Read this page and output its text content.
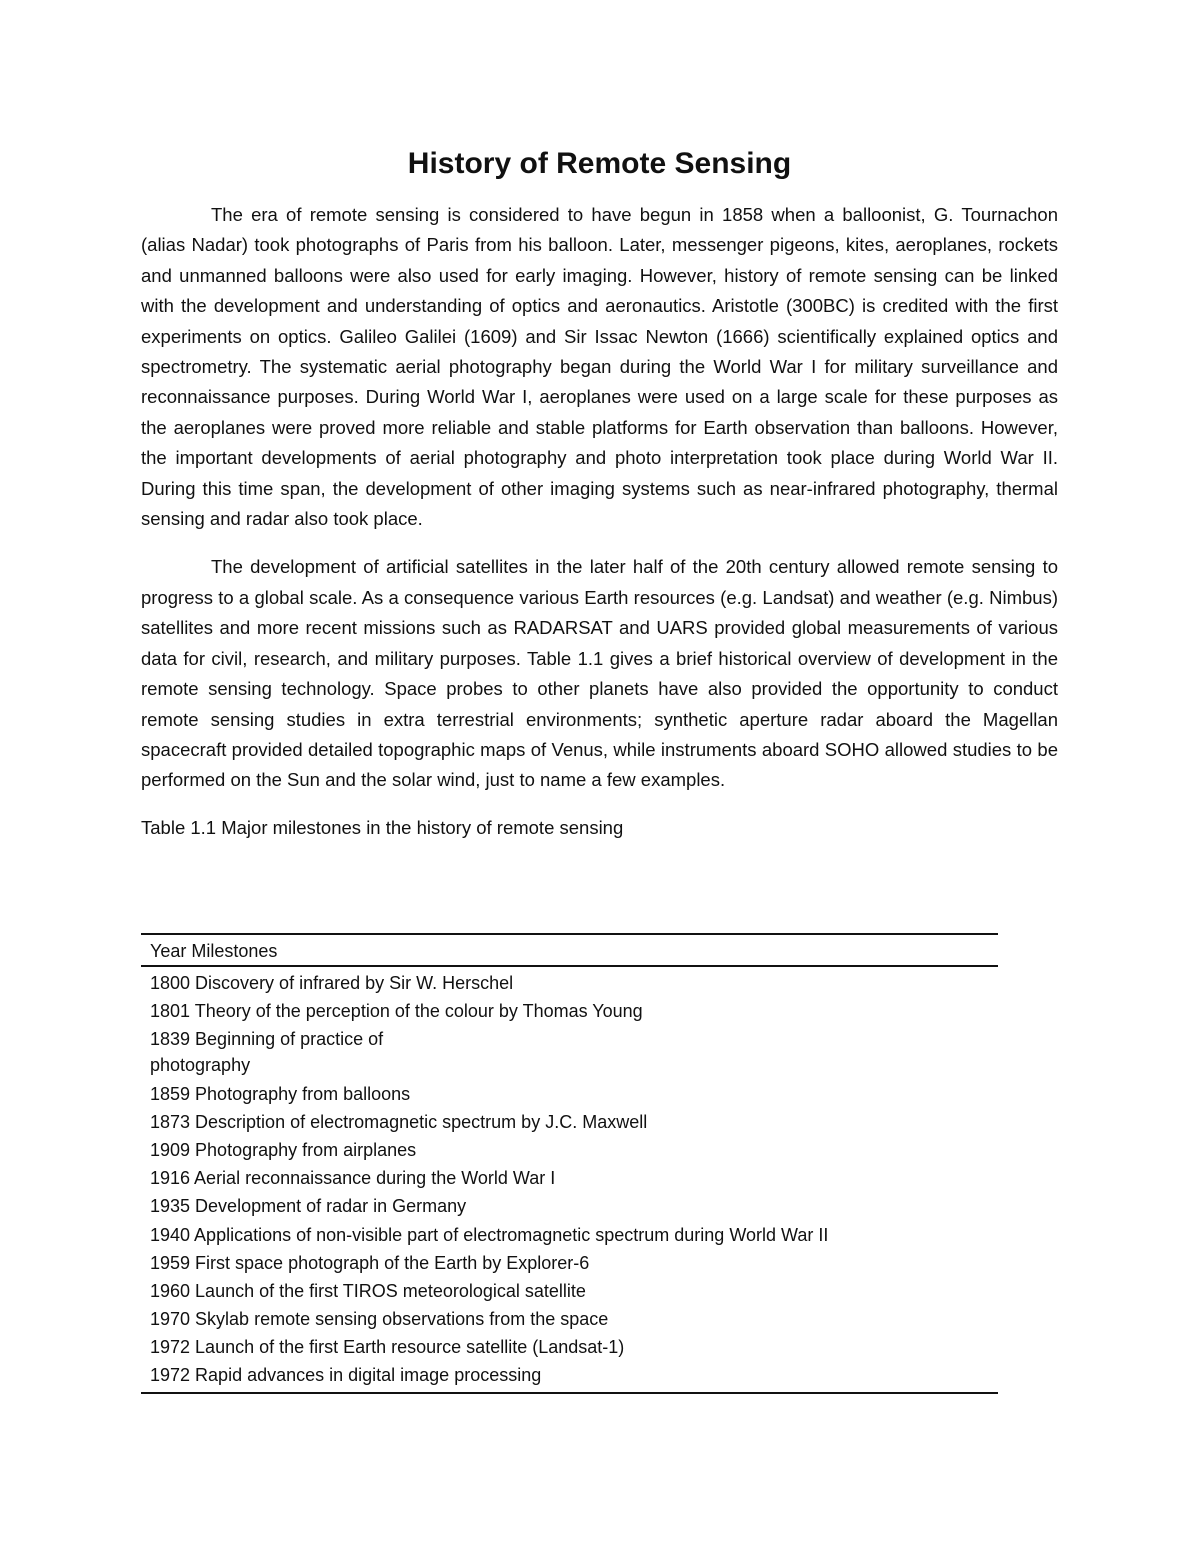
History of Remote Sensing

The era of remote sensing is considered to have begun in 1858 when a balloonist, G. Tournachon (alias Nadar) took photographs of Paris from his balloon. Later, messenger pigeons, kites, aeroplanes, rockets and unmanned balloons were also used for early imaging. However, history of remote sensing can be linked with the development and understanding of optics and aeronautics. Aristotle (300BC) is credited with the first experiments on optics. Galileo Galilei (1609) and Sir Issac Newton (1666) scientifically explained optics and spectrometry. The systematic aerial photography began during the World War I for military surveillance and reconnaissance purposes. During World War I, aeroplanes were used on a large scale for these purposes as the aeroplanes were proved more reliable and stable platforms for Earth observation than balloons. However, the important developments of aerial photography and photo interpretation took place during World War II. During this time span, the development of other imaging systems such as near-infrared photography, thermal sensing and radar also took place.

The development of artificial satellites in the later half of the 20th century allowed remote sensing to progress to a global scale. As a consequence various Earth resources (e.g. Landsat) and weather (e.g. Nimbus) satellites and more recent missions such as RADARSAT and UARS provided global measurements of various data for civil, research, and military purposes. Table 1.1 gives a brief historical overview of development in the remote sensing technology. Space probes to other planets have also provided the opportunity to conduct remote sensing studies in extra terrestrial environments; synthetic aperture radar aboard the Magellan spacecraft provided detailed topographic maps of Venus, while instruments aboard SOHO allowed studies to be performed on the Sun and the solar wind, just to name a few examples.

Table 1.1 Major milestones in the history of remote sensing

Year Milestones
1800 Discovery of infrared by Sir W. Herschel
1801 Theory of the perception of the colour by Thomas Young
1839 Beginning of practice of photography
1859 Photography from balloons
1873 Description of electromagnetic spectrum by J.C. Maxwell
1909 Photography from airplanes
1916 Aerial reconnaissance during the World War I
1935 Development of radar in Germany
1940 Applications of non-visible part of electromagnetic spectrum during World War II
1959 First space photograph of the Earth by Explorer-6
1960 Launch of the first TIROS meteorological satellite
1970 Skylab remote sensing observations from the space
1972 Launch of the first Earth resource satellite (Landsat-1)
1972 Rapid advances in digital image processing
